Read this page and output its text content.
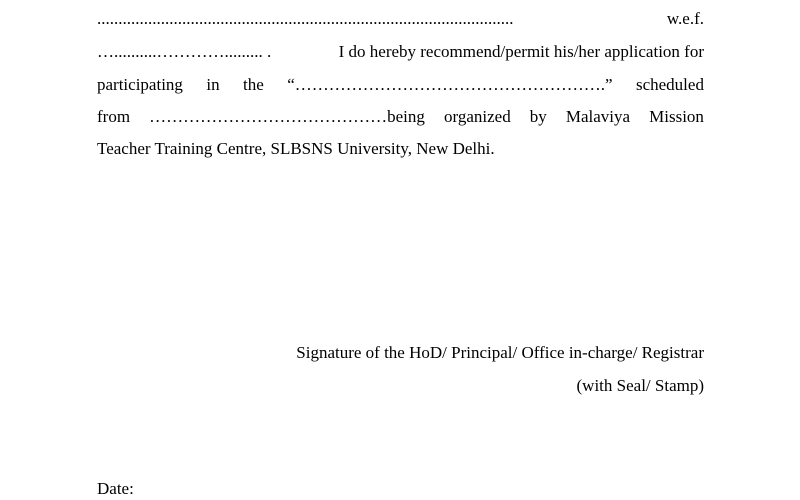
..................................................................................................	w.e.f.
…..........…………......... .	I do hereby recommend/permit his/her application for
participating in the “……………………………………………….” scheduled
from ……………………………………being organized by Malaviya Mission
Teacher Training Centre, SLBSNS University, New Delhi.
Signature of the HoD/ Principal/ Office in-charge/ Registrar
(with Seal/ Stamp)
Date:
